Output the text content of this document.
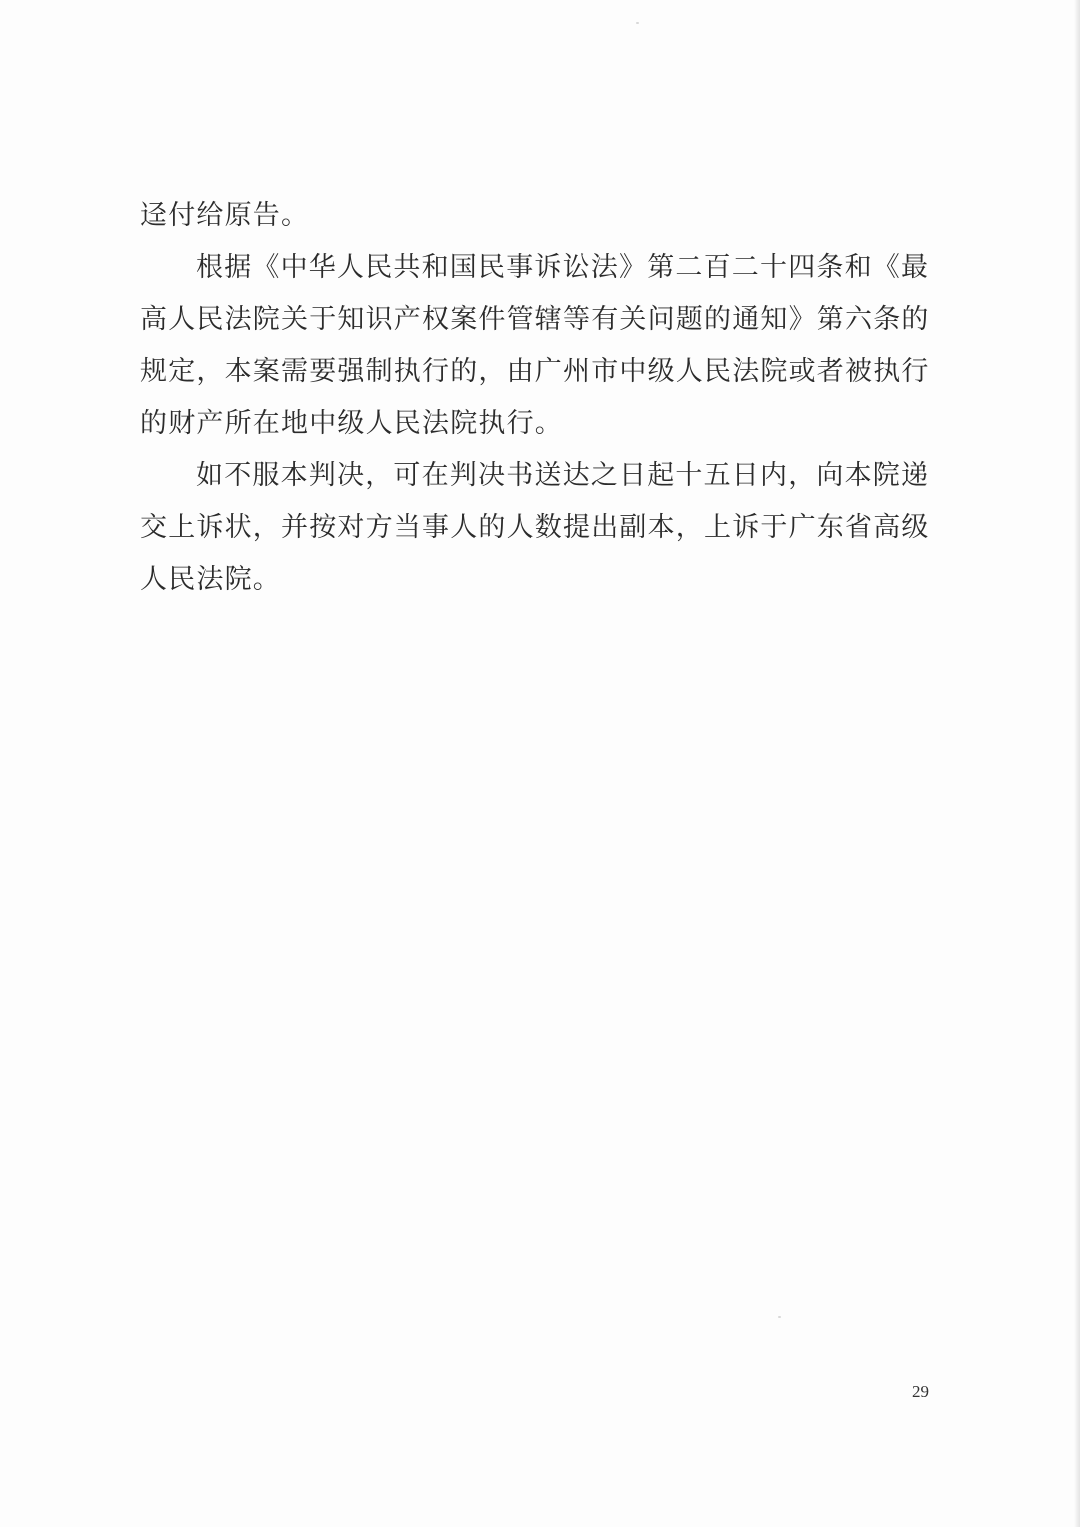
迳付给原告。
根据《中华人民共和国民事诉讼法》第二百二十四条和《最
高人民法院关于知识产权案件管辖等有关问题的通知》第六条的
规定，本案需要强制执行的，由广州市中级人民法院或者被执行
的财产所在地中级人民法院执行。
如不服本判决，可在判决书送达之日起十五日内，向本院递
交上诉状，并按对方当事人的人数提出副本，上诉于广东省高级
人民法院。
29
